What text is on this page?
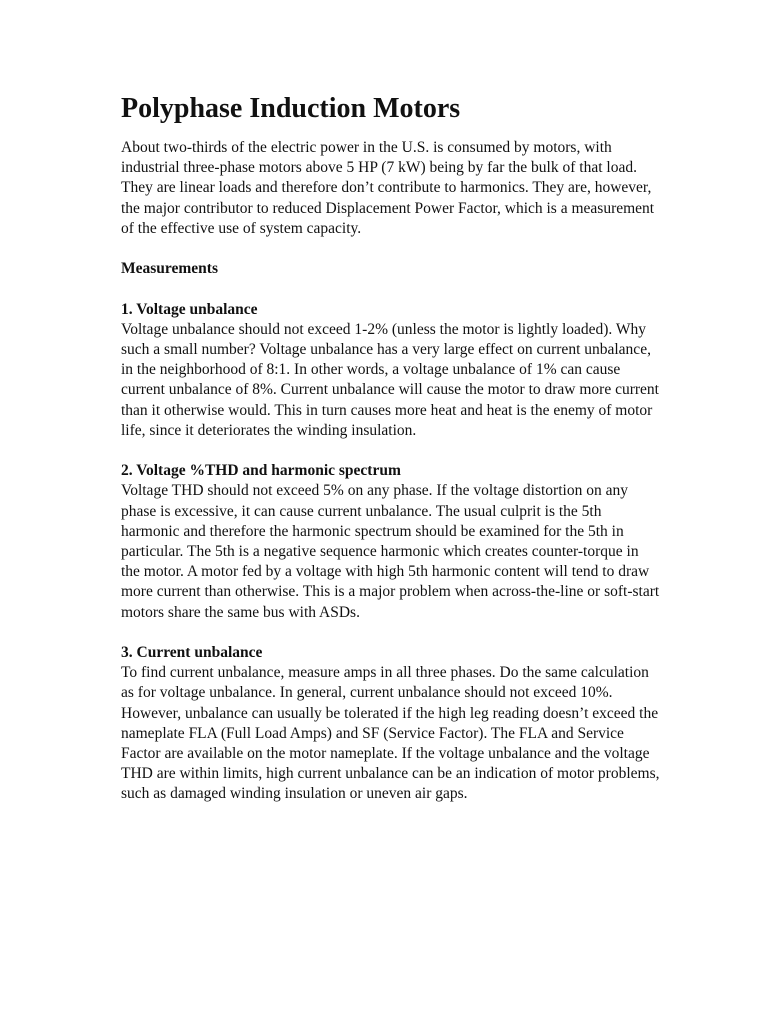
Polyphase Induction Motors

About two-thirds of the electric power in the U.S. is consumed by motors, with industrial three-phase motors above 5 HP (7 kW) being by far the bulk of that load. They are linear loads and therefore don’t contribute to harmonics. They are, however, the major contributor to reduced Displacement Power Factor, which is a measurement of the effective use of system capacity.

Measurements
1. Voltage unbalance

Voltage unbalance should not exceed 1-2% (unless the motor is lightly loaded). Why such a small number? Voltage unbalance has a very large effect on current unbalance, in the neighborhood of 8:1. In other words, a voltage unbalance of 1% can cause current unbalance of 8%. Current unbalance will cause the motor to draw more current than it otherwise would. This in turn causes more heat and heat is the enemy of motor life, since it deteriorates the winding insulation.

2. Voltage %THD and harmonic spectrum

Voltage THD should not exceed 5% on any phase. If the voltage distortion on any phase is excessive, it can cause current unbalance. The usual culprit is the 5th harmonic and therefore the harmonic spectrum should be examined for the 5th in particular. The 5th is a negative sequence harmonic which creates counter-torque in the motor. A motor fed by a voltage with high 5th harmonic content will tend to draw more current than otherwise. This is a major problem when across-the-line or soft-start motors share the same bus with ASDs.

3. Current unbalance

To find current unbalance, measure amps in all three phases. Do the same calculation as for voltage unbalance. In general, current unbalance should not exceed 10%. However, unbalance can usually be tolerated if the high leg reading doesn’t exceed the nameplate FLA (Full Load Amps) and SF (Service Factor). The FLA and Service Factor are available on the motor nameplate. If the voltage unbalance and the voltage THD are within limits, high current unbalance can be an indication of motor problems, such as damaged winding insulation or uneven air gaps.
